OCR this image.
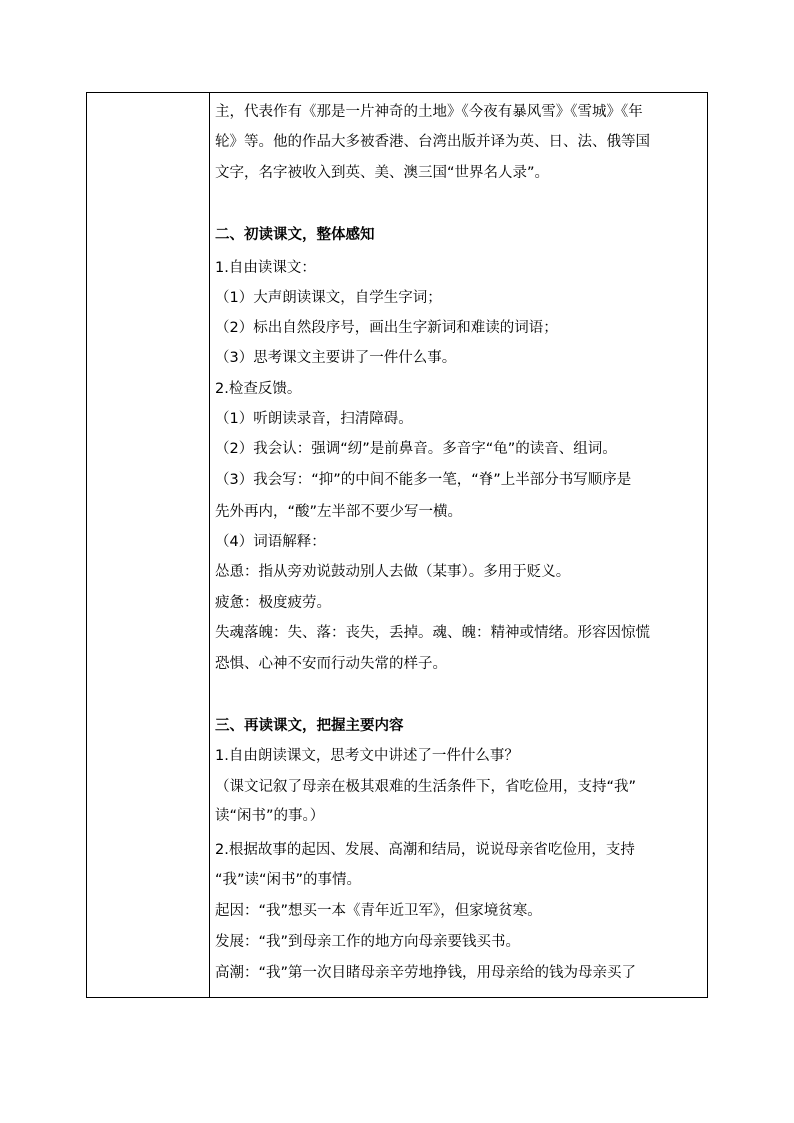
主，代表作有《那是一片神奇的土地》《今夜有暴风雪》《雪城》《年
轮》等。他的作品大多被香港、台湾出版并译为英、日、法、俄等国
文字，名字被收入到英、美、澳三国“世界名人录”。
二、初读课文，整体感知
1.自由读课文：
（1）大声朗读课文，自学生字词；
（2）标出自然段序号，画出生字新词和难读的词语；
（3）思考课文主要讲了一件什么事。
2.检查反馈。
（1）听朗读录音，扫清障碍。
（2）我会认：强调“纫”是前鼻音。多音字“龟”的读音、组词。
（3）我会写：“抑”的中间不能多一笔，“脊”上半部分书写顺序是
先外再内，“酸”左半部不要少写一横。
（4）词语解释：
怂恿：指从旁劝说鼓动别人去做（某事）。多用于贬义。
疲惫：极度疲劳。
失魂落魄：失、落：丧失，丢掉。魂、魄：精神或情绪。形容因惊慌
恐惧、心神不安而行动失常的样子。
三、再读课文，把握主要内容
1.自由朗读课文，思考文中讲述了一件什么事？
（课文记叙了母亲在极其艰难的生活条件下，省吃俭用，支持“我”
读“闲书”的事。）
2.根据故事的起因、发展、高潮和结局，说说母亲省吃俭用，支持
“我”读“闲书”的事情。
起因：“我”想买一本《青年近卫军》，但家境贫寒。
发展：“我”到母亲工作的地方向母亲要钱买书。
高潮：“我”第一次目睹母亲辛劳地挣钱，用母亲给的钱为母亲买了
